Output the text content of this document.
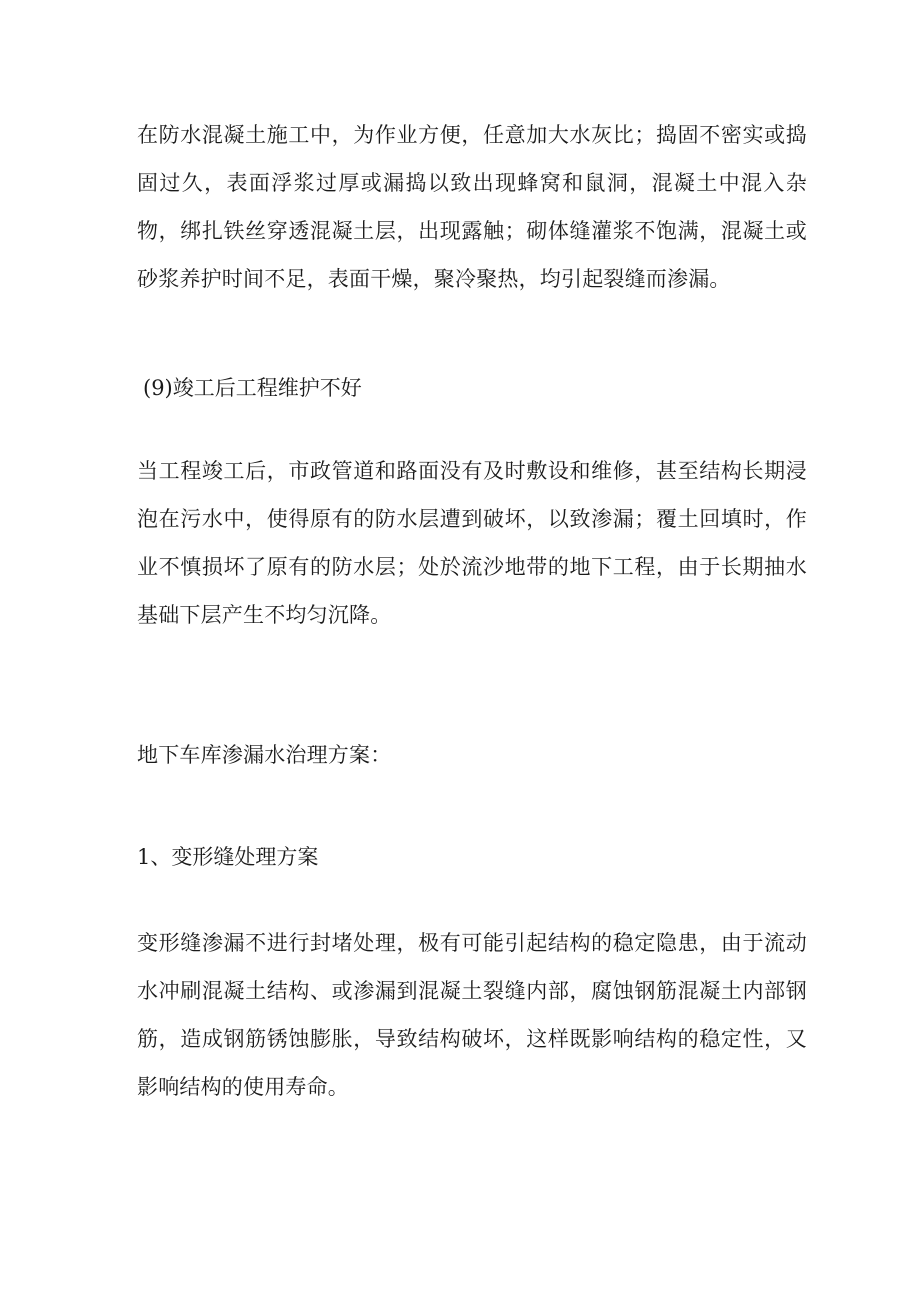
在防水混凝土施工中，为作业方便，任意加大水灰比；捣固不密实或捣固过久，表面浮浆过厚或漏捣以致出现蜂窝和鼠洞，混凝土中混入杂物，绑扎铁丝穿透混凝土层，出现露触；砌体缝灌浆不饱满，混凝土或砂浆养护时间不足，表面干燥，聚冷聚热，均引起裂缝而渗漏。

(9)竣工后工程维护不好

当工程竣工后，市政管道和路面没有及时敷设和维修，甚至结构长期浸泡在污水中，使得原有的防水层遭到破坏，以致渗漏；覆土回填时，作业不慎损坏了原有的防水层；处於流沙地带的地下工程，由于长期抽水基础下层产生不均匀沉降。

地下车库渗漏水治理方案：

1、变形缝处理方案

变形缝渗漏不进行封堵处理，极有可能引起结构的稳定隐患，由于流动水冲刷混凝土结构、或渗漏到混凝土裂缝内部，腐蚀钢筋混凝土内部钢筋，造成钢筋锈蚀膨胀，导致结构破坏，这样既影响结构的稳定性，又影响结构的使用寿命。
